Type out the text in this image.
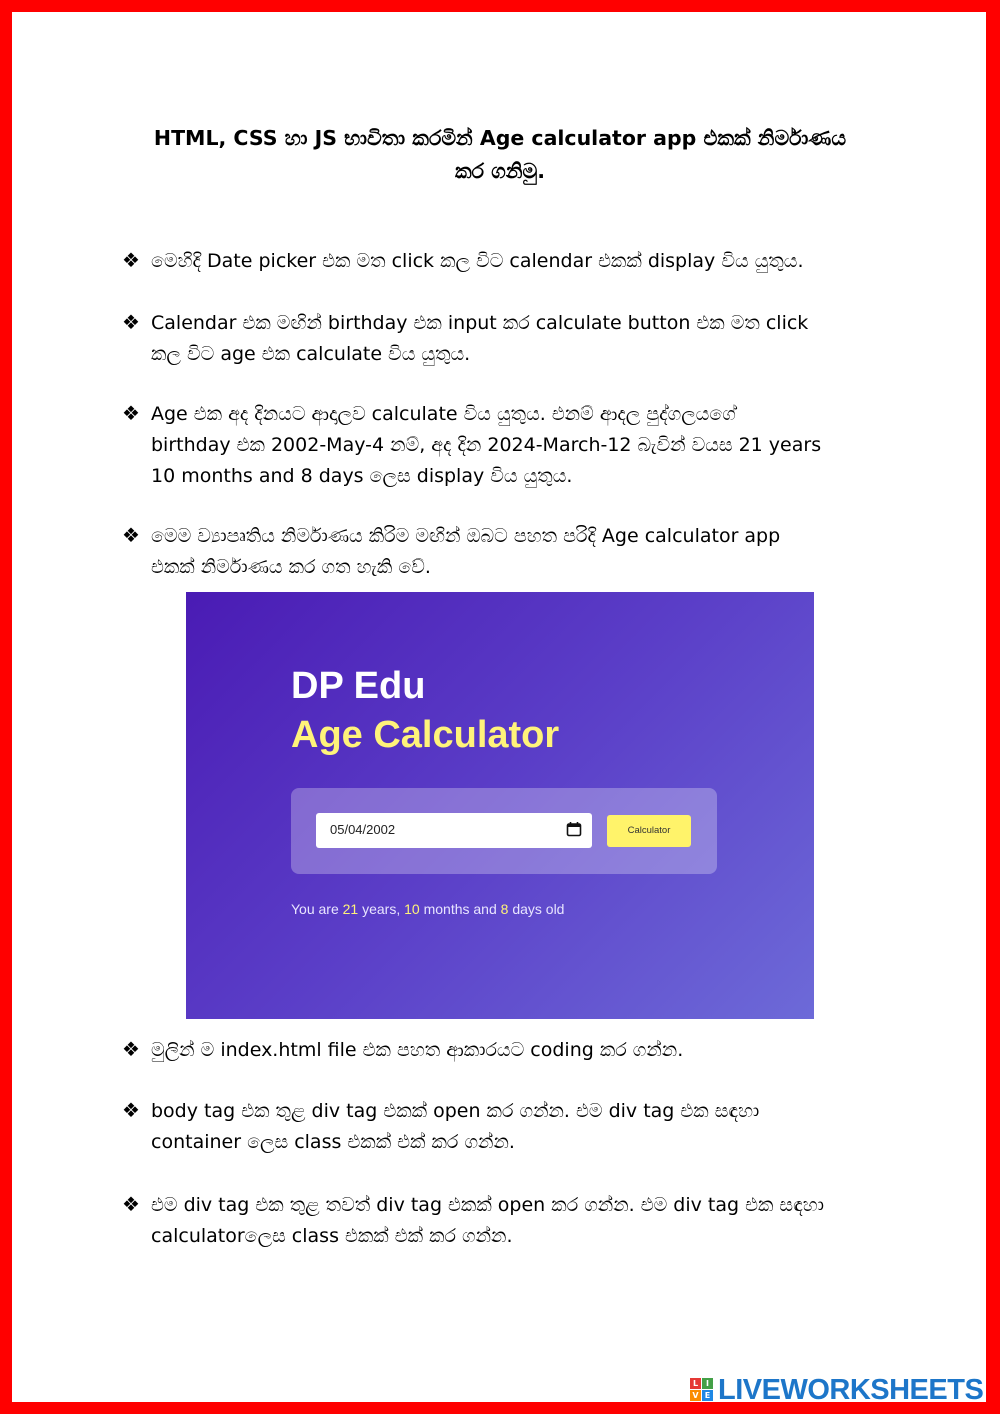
HTML, CSS හා JS භාවිතා කරමින් Age calculator app එකක් නිර්මාණය
කර ගනිමු.
❖ මෙහිදි Date picker එක මත click කල විට calendar එකක් display විය යුතුය.
❖ Calendar එක මඟින් birthday එක input කර calculate button එක මත click
කල විට age එක calculate විය යුතුය.
❖ Age එක අද දිනයට ආදාලව calculate විය යුතුය. එනම් ආදල පුද්ගලයගේ
birthday එක 2002-May-4 නම්, අද දින 2024-March-12 බැවින් වයස 21 years
10 months and 8 days ලෙස display විය යුතුය.
❖ මෙම ව්‍යාපෘතිය නිර්මාණය කිරිම මඟින් ඔබට පහත පරිදි Age calculator app
එකක් නිර්මාණය කර ගත හැකි වේ.
DP Edu
Age Calculator
05/04/2002	Calculator
You are 21 years, 10 months and 8 days old
❖ මුලින් ම index.html file එක පහත ආකාරයට coding කර ගන්න.
❖ body tag එක තුළ div tag එකක් open කර ගන්න. එම div tag එක සඳහා
container ලෙස class එකක් එක් කර ගන්න.
❖ එම div tag එක තුළ තවත් div tag එකක් open කර ගන්න. එම div tag එක සඳහා
calculatorලෙස class එකක් එක් කර ගන්න.
L I
V E LIVEWORKSHEETS
